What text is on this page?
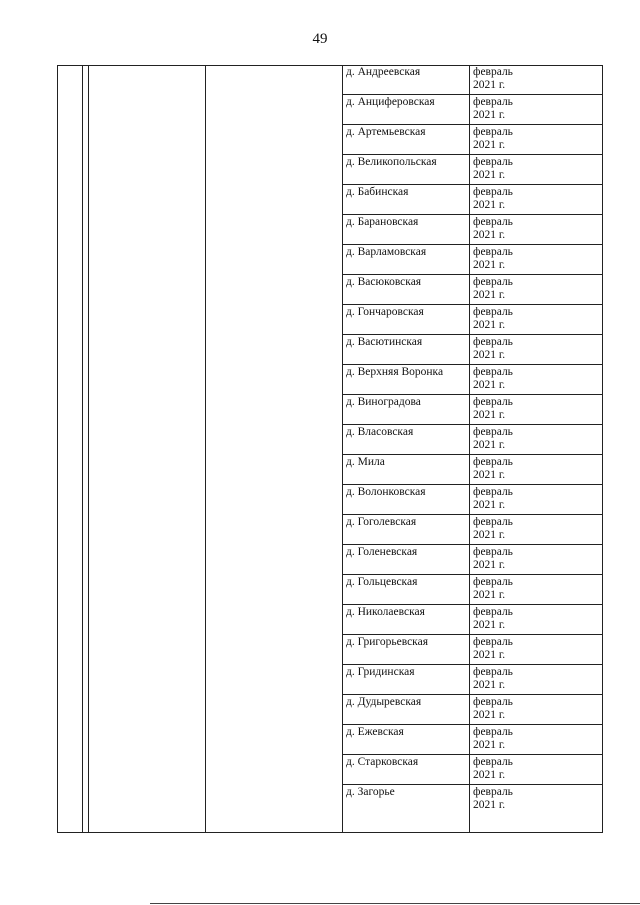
49
д. Андреевская	февраль
2021 г.
д. Анциферовская	февраль
2021 г.
д. Артемьевская	февраль
2021 г.
д. Великопольская	февраль
2021 г.
д. Бабинская	февраль
2021 г.
д. Барановская	февраль
2021 г.
д. Варламовская	февраль
2021 г.
д. Васюковская	февраль
2021 г.
д. Гончаровская	февраль
2021 г.
д. Васютинская	февраль
2021 г.
д. Верхняя Воронка	февраль
2021 г.
д. Виноградова	февраль
2021 г.
д. Власовская	февраль
2021 г.
д. Мила	февраль
2021 г.
д. Волонковская	февраль
2021 г.
д. Гоголевская	февраль
2021 г.
д. Голеневская	февраль
2021 г.
д. Гольцевская	февраль
2021 г.
д. Николаевская	февраль
2021 г.
д. Григорьевская	февраль
2021 г.
д. Гридинская	февраль
2021 г.
д. Дудыревская	февраль
2021 г.
д. Ежевская	февраль
2021 г.
д. Старковская	февраль
2021 г.
д. Загорье	февраль
2021 г.
